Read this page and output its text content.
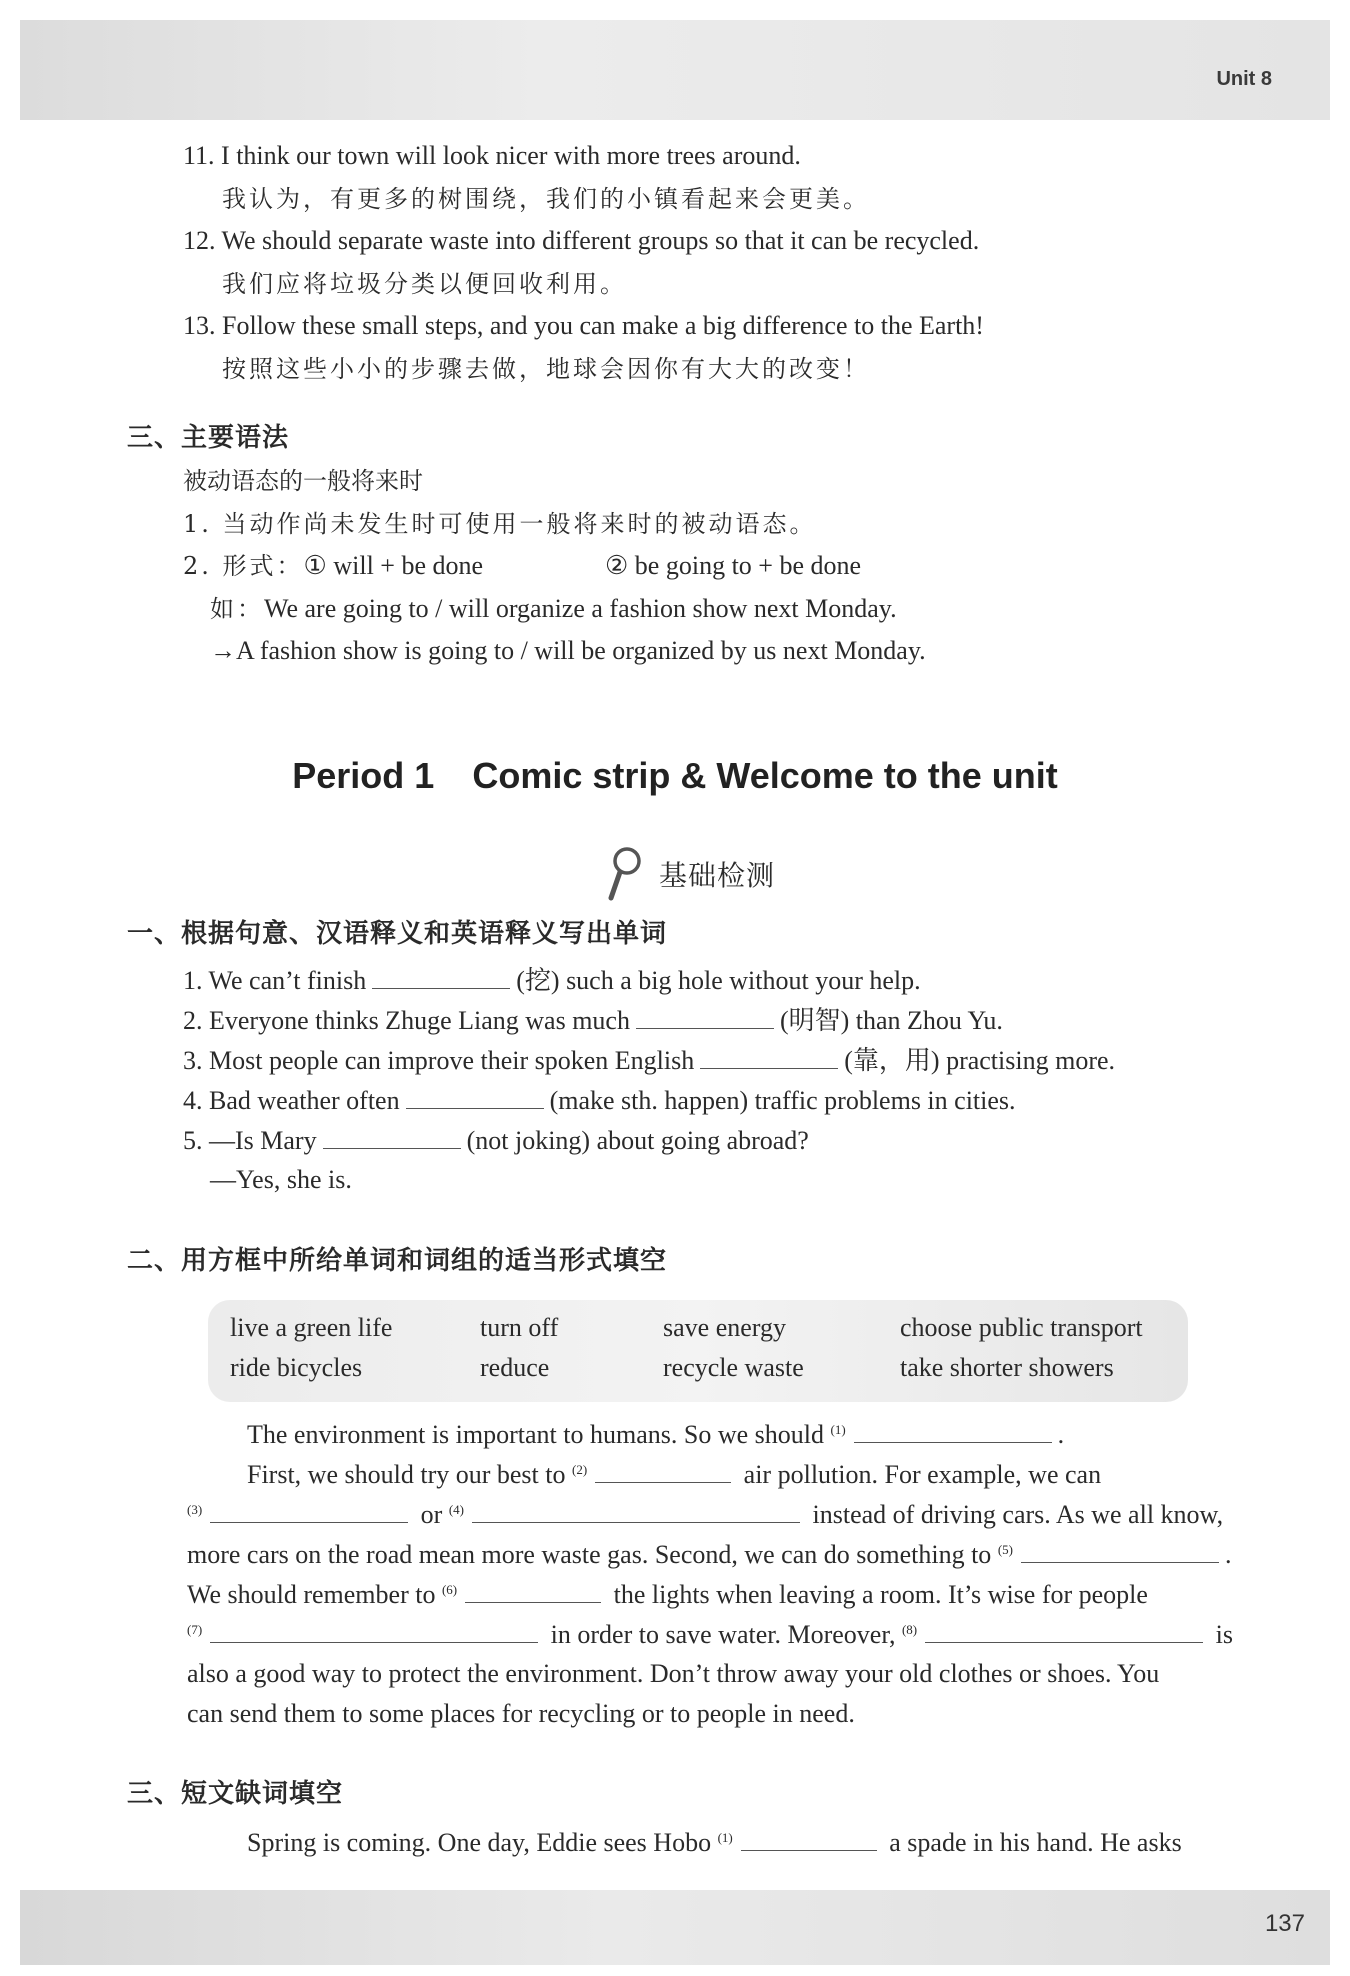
Unit 8
11. I think our town will look nicer with more trees around.
我认为，有更多的树围绕，我们的小镇看起来会更美。
12. We should separate waste into different groups so that it can be recycled.
我们应将垃圾分类以便回收利用。
13. Follow these small steps, and you can make a big difference to the Earth!
按照这些小小的步骤去做，地球会因你有大大的改变！
三、主要语法
被动语态的一般将来时
1. 当动作尚未发生时可使用一般将来时的被动语态。
2. 形式：① will + be done	② be going to + be done
如：We are going to / will organize a fashion show next Monday.
→A fashion show is going to / will be organized by us next Monday.
Period 1 Comic strip & Welcome to the unit
基础检测
一、根据句意、汉语释义和英语释义写出单词
1. We can’t finish	(挖) such a big hole without your help.
2. Everyone thinks Zhuge Liang was much	(明智) than Zhou Yu.
3. Most people can improve their spoken English	(靠，用) practising more.
4. Bad weather often	(make sth. happen) traffic problems in cities.
5. —Is Mary	(not joking) about going abroad?
—Yes, she is.
二、用方框中所给单词和词组的适当形式填空
live a green life	turn off	save energy	choose public transport
ride bicycles	reduce	recycle waste	take shorter showers
The environment is important to humans. So we should $^{(1)}$	.
First, we should try our best to $^{(2)}$	air pollution. For example, we can
$^{(3)}$	or $^{(4)}$	instead of driving cars. As we all know,
more cars on the road mean more waste gas. Second, we can do something to $^{(5)}$	.
We should remember to $^{(6)}$	the lights when leaving a room. It’s wise for people
$^{(7)}$	in order to save water. Moreover, $^{(8)}$	is
also a good way to protect the environment. Don’t throw away your old clothes or shoes. You
can send them to some places for recycling or to people in need.
三、短文缺词填空
Spring is coming. One day, Eddie sees Hobo $^{(1)}$	a spade in his hand. He asks
137
